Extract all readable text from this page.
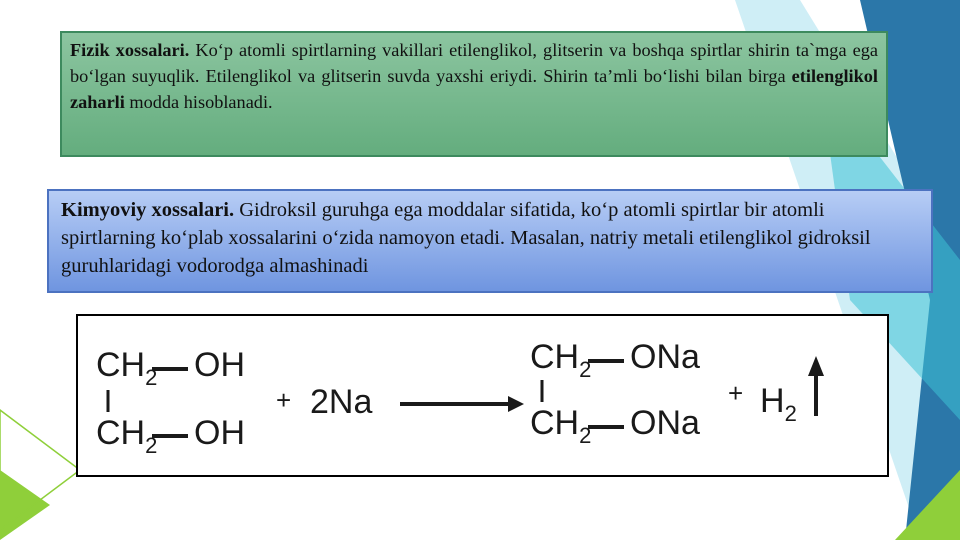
Fizik xossalari. Ko‘p atomli spirtlarning vakillari etilenglikol, glitserin va boshqa spirtlar shirin ta`mga ega bo‘lgan suyuqlik. Etilenglikol va glitserin suvda yaxshi eriydi. Shirin ta’mli bo‘lishi bilan birga etilenglikol zaharli modda hisoblanadi.
Kimyoviy xossalari. Gidroksil guruhga ega moddalar sifatida, ko‘p atomli spirtlar bir atomli spirtlarning ko‘plab xossalarini o‘zida namoyon etadi. Masalan, natriy metali etilenglikol gidroksil guruhlaridagi vodorodga almashinadi
$CH_2$ OH
$CH_2$ OH
+ 2Na
$CH_2$ ONa
$CH_2$ ONa
+ $H_2$
